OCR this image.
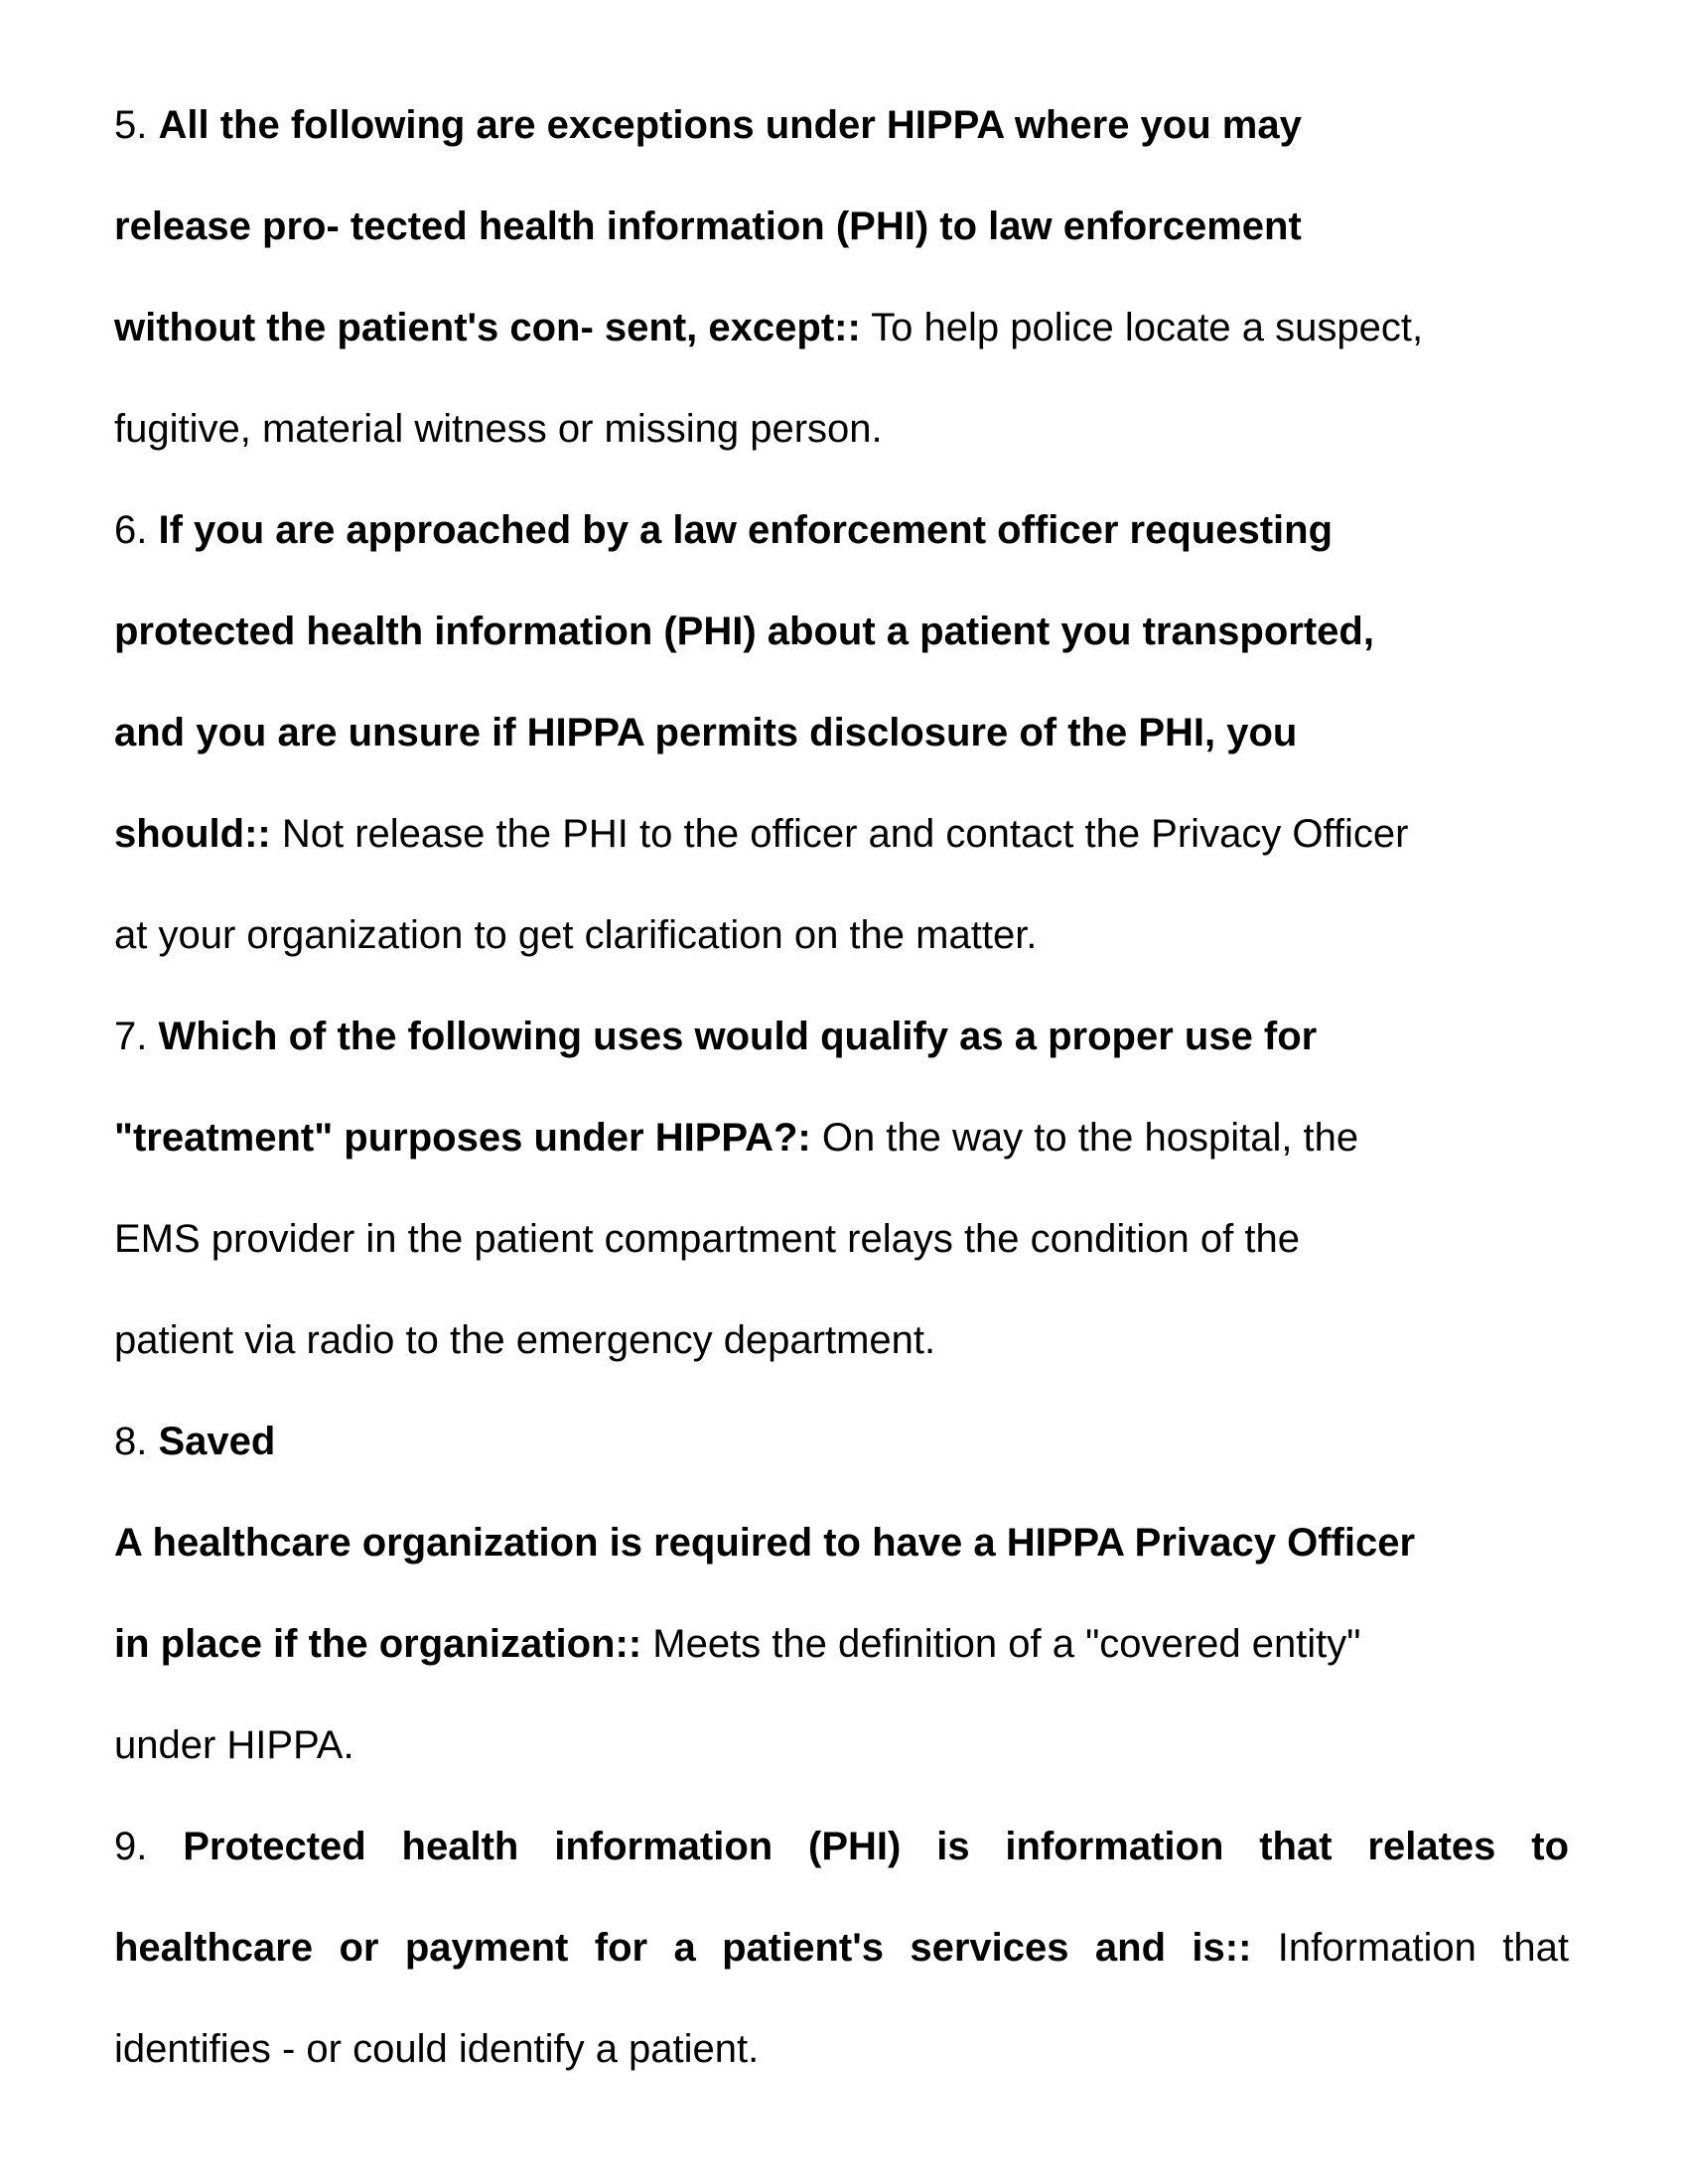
5. All the following are exceptions under HIPPA where you may
release pro- tected health information (PHI) to law enforcement
without the patient's con- sent, except:: To help police locate a suspect,
fugitive, material witness or missing person.
6. If you are approached by a law enforcement officer requesting
protected health information (PHI) about a patient you transported,
and you are unsure if HIPPA permits disclosure of the PHI, you
should:: Not release the PHI to the officer and contact the Privacy Officer
at your organization to get clarification on the matter.
7. Which of the following uses would qualify as a proper use for
"treatment" purposes under HIPPA?: On the way to the hospital, the
EMS provider in the patient compartment relays the condition of the
patient via radio to the emergency department.
8. Saved
A healthcare organization is required to have a HIPPA Privacy Officer
in place if the organization:: Meets the definition of a "covered entity"
under HIPPA.
9. Protected health information (PHI) is information that relates to
healthcare or payment for a patient's services and is:: Information that
identifies - or could identify a patient.
